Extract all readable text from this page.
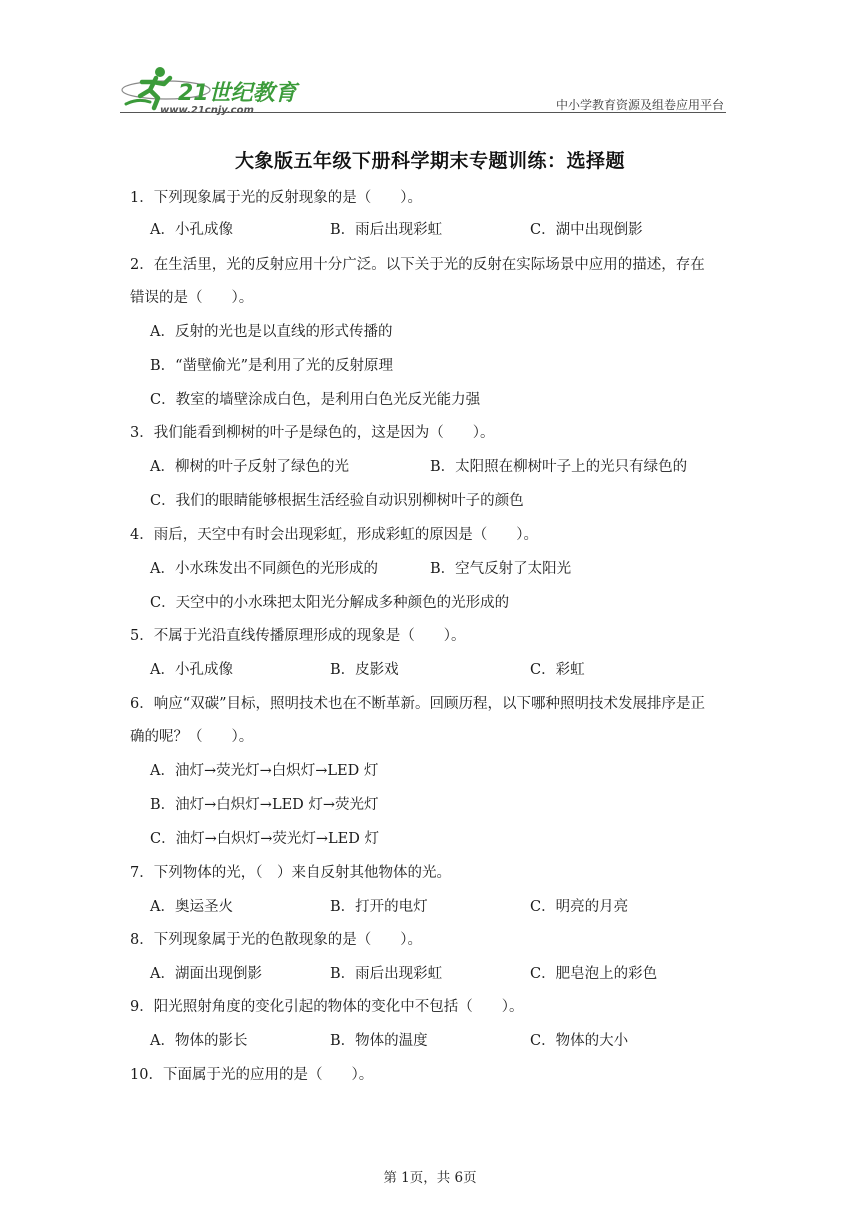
21世纪教育
www.21cnjy.com	中小学教育资源及组卷应用平台
大象版五年级下册科学期末专题训练：选择题
1．下列现象属于光的反射现象的是（　　）。
A．小孔成像	B．雨后出现彩虹	C．湖中出现倒影
2．在生活里，光的反射应用十分广泛。以下关于光的反射在实际场景中应用的描述，存在
错误的是（　　）。
A．反射的光也是以直线的形式传播的
B．“凿壁偷光”是利用了光的反射原理
C．教室的墙壁涂成白色，是利用白色光反光能力强
3．我们能看到柳树的叶子是绿色的，这是因为（　　）。
A．柳树的叶子反射了绿色的光	B．太阳照在柳树叶子上的光只有绿色的
C．我们的眼睛能够根据生活经验自动识别柳树叶子的颜色
4．雨后，天空中有时会出现彩虹，形成彩虹的原因是（　　）。
A．小水珠发出不同颜色的光形成的	B．空气反射了太阳光
C．天空中的小水珠把太阳光分解成多种颜色的光形成的
5．不属于光沿直线传播原理形成的现象是（　　）。
A．小孔成像	B．皮影戏	C．彩虹
6．响应“双碳”目标，照明技术也在不断革新。回顾历程，以下哪种照明技术发展排序是正
确的呢？（　　）。
A．油灯→荧光灯→白炽灯→LED 灯
B．油灯→白炽灯→LED 灯→荧光灯
C．油灯→白炽灯→荧光灯→LED 灯
7．下列物体的光，（　）来自反射其他物体的光。
A．奥运圣火	B．打开的电灯	C．明亮的月亮
8．下列现象属于光的色散现象的是（　　）。
A．湖面出现倒影	B．雨后出现彩虹	C．肥皂泡上的彩色
9．阳光照射角度的变化引起的物体的变化中不包括（　　）。
A．物体的影长	B．物体的温度	C．物体的大小
10．下面属于光的应用的是（　　）。
第 1页，共 6页
